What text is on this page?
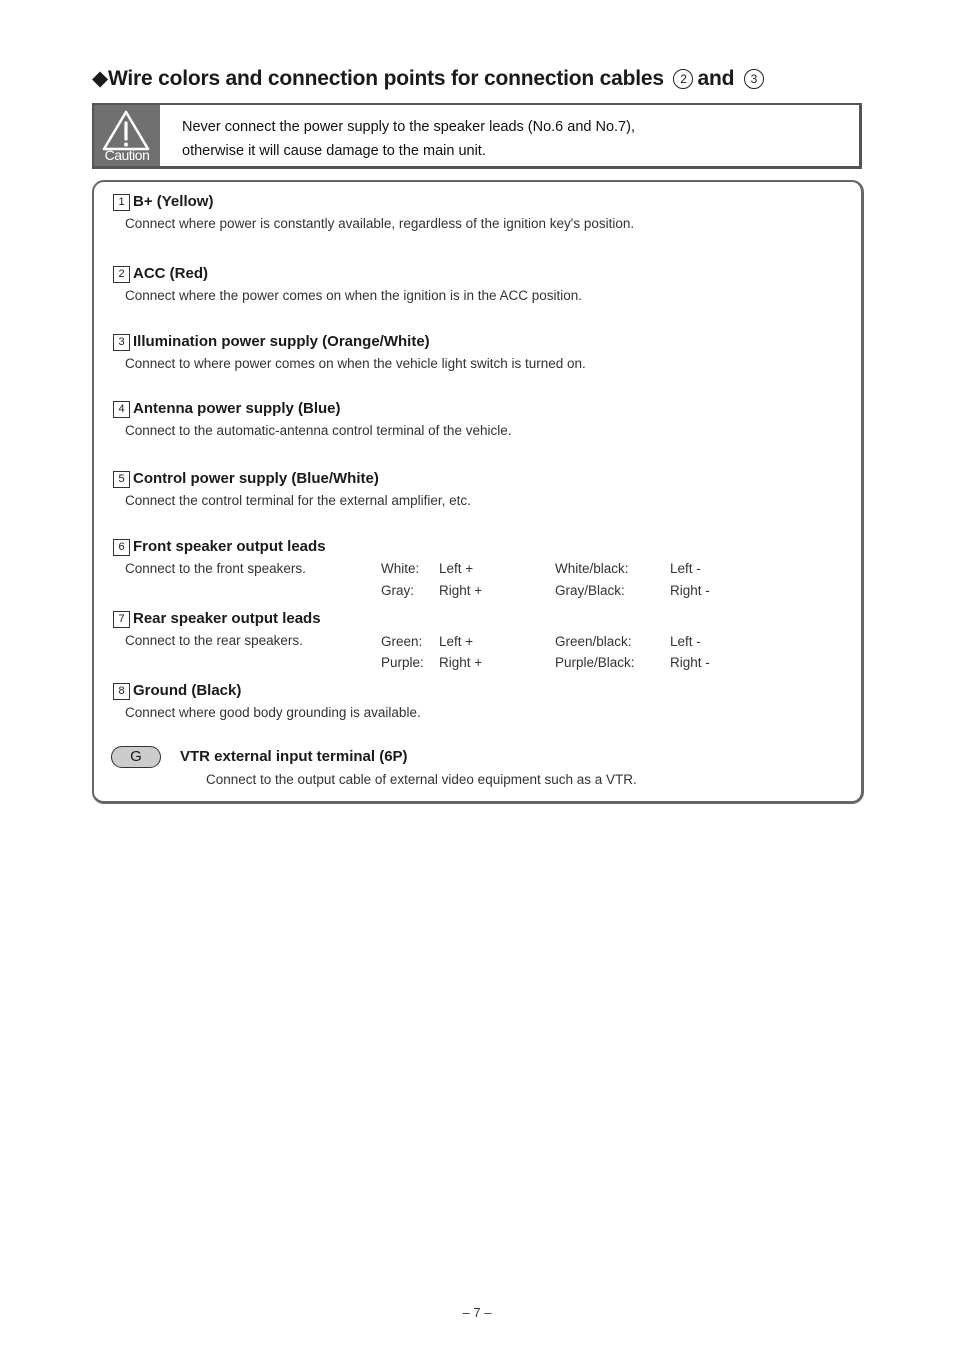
◆Wire colors and connection points for connection cables 2 and 3
Caution
Never connect the power supply to the speaker leads (No.6 and No.7),
otherwise it will cause damage to the main unit.
1 B+ (Yellow)
Connect where power is constantly available, regardless of the ignition key's position.
2 ACC (Red)
Connect where the power comes on when the ignition is in the ACC position.
3 Illumination power supply (Orange/White)
Connect to where power comes on when the vehicle light switch is turned on.
4 Antenna power supply (Blue)
Connect to the automatic-antenna control terminal of the vehicle.
5 Control power supply (Blue/White)
Connect the control terminal for the external amplifier, etc.
6 Front speaker output leads
Connect to the front speakers.	White: Left +	White/black:	Left -
Gray: Right +	Gray/Black:	Right -
7 Rear speaker output leads
Connect to the rear speakers.	Green: Left +	Green/black:	Left -
Purple: Right +	Purple/Black:	Right -
8 Ground (Black)
Connect where good body grounding is available.
G	VTR external input terminal (6P)
Connect to the output cable of external video equipment such as a VTR.
– 7 –
